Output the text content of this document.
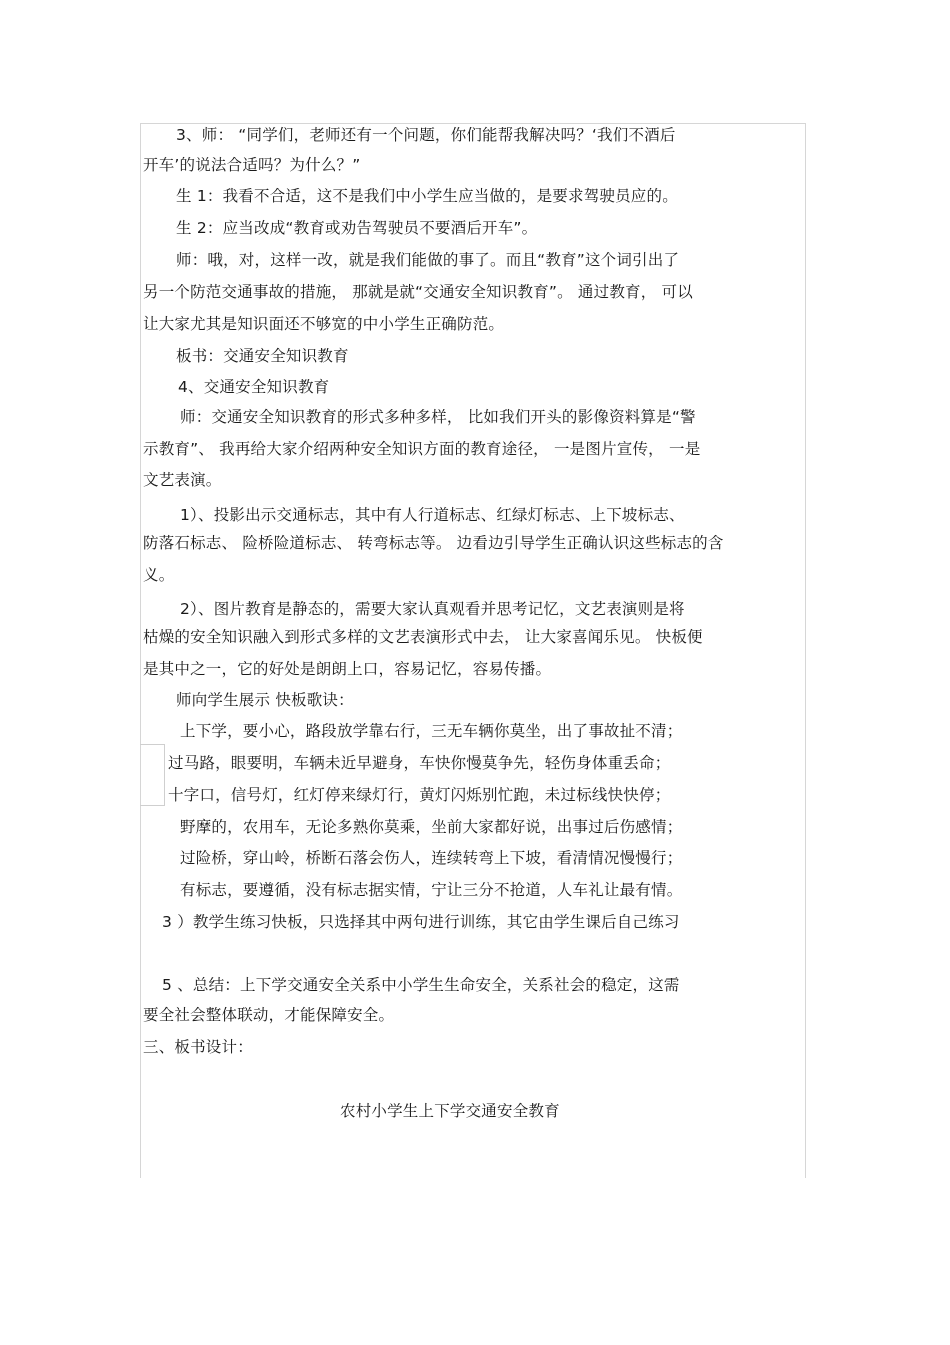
3、师： “同学们，老师还有一个问题，你们能帮我解决吗？‘我们不酒后
开车’的说法合适吗？为什么？”
生 1：我看不合适，这不是我们中小学生应当做的，是要求驾驶员应的。
生 2：应当改成“教育或劝告驾驶员不要酒后开车”。
师：哦，对，这样一改，就是我们能做的事了。而且“教育”这个词引出了
另一个防范交通事故的措施， 那就是就“交通安全知识教育”。 通过教育， 可以
让大家尤其是知识面还不够宽的中小学生正确防范。
板书：交通安全知识教育
4、交通安全知识教育
师：交通安全知识教育的形式多种多样， 比如我们开头的影像资料算是“警
示教育”、 我再给大家介绍两种安全知识方面的教育途径， 一是图片宣传， 一是
文艺表演。
1）、投影出示交通标志，其中有人行道标志、红绿灯标志、上下坡标志、
防落石标志、 险桥险道标志、 转弯标志等。 边看边引导学生正确认识这些标志的含
义。
2）、图片教育是静态的，需要大家认真观看并思考记忆，文艺表演则是将
枯燥的安全知识融入到形式多样的文艺表演形式中去， 让大家喜闻乐见。 快板便
是其中之一，它的好处是朗朗上口，容易记忆，容易传播。
师向学生展示 快板歌诀：
上下学，要小心，路段放学靠右行，三无车辆你莫坐，出了事故扯不清；
过马路，眼要明，车辆未近早避身，车快你慢莫争先，轻伤身体重丢命；
十字口，信号灯，红灯停来绿灯行，黄灯闪烁别忙跑，未过标线快快停；
野摩的，农用车，无论多熟你莫乘，坐前大家都好说，出事过后伤感情；
过险桥，穿山岭，桥断石落会伤人，连续转弯上下坡，看清情况慢慢行；
有标志，要遵循，没有标志据实情，宁让三分不抢道，人车礼让最有情。
3 ）教学生练习快板，只选择其中两句进行训练，其它由学生课后自己练习
5 、总结：上下学交通安全关系中小学生生命安全，关系社会的稳定，这需
要全社会整体联动，才能保障安全。
三、板书设计：
农村小学生上下学交通安全教育
